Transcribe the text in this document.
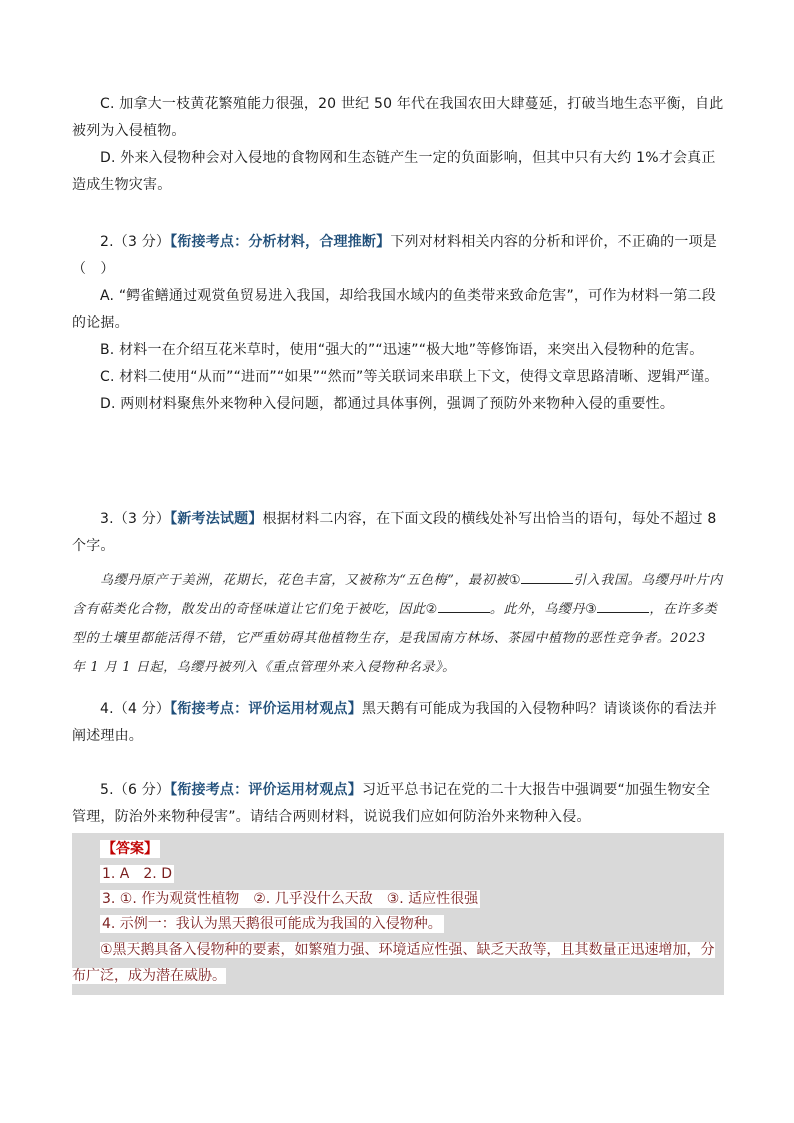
C. 加拿大一枝黄花繁殖能力很强，20 世纪 50 年代在我国农田大肆蔓延，打破当地生态平衡，自此被列为入侵植物。

D. 外来入侵物种会对入侵地的食物网和生态链产生一定的负面影响，但其中只有大约 1%才会真正造成生物灾害。

2.（3 分）【衔接考点：分析材料，合理推断】下列对材料相关内容的分析和评价，不正确的一项是（　）

A. “鳄雀鳝通过观赏鱼贸易进入我国，却给我国水域内的鱼类带来致命危害”，可作为材料一第二段的论据。

B. 材料一在介绍互花米草时，使用“强大的”“迅速”“极大地”等修饰语，来突出入侵物种的危害。

C. 材料二使用“从而”“进而”“如果”“然而”等关联词来串联上下文，使得文章思路清晰、逻辑严谨。

D. 两则材料聚焦外来物种入侵问题，都通过具体事例，强调了预防外来物种入侵的重要性。

3.（3 分）【新考法试题】根据材料二内容，在下面文段的横线处补写出恰当的语句，每处不超过 8 个字。

乌缨丹原产于美洲，花期长，花色丰富，又被称为“五色梅”，最初被①	引入我国。乌缨丹叶片内含有萜类化合物，散发出的奇怪味道让它们免于被吃，因此②	。此外，乌缨丹③	，在许多类型的土壤里都能活得不错，它严重妨碍其他植物生存，是我国南方林场、茶园中植物的恶性竞争者。2023 年 1 月 1 日起，乌缨丹被列入《重点管理外来入侵物种名录》。

4.（4 分）【衔接考点：评价运用材观点】黑天鹅有可能成为我国的入侵物种吗？请谈谈你的看法并阐述理由。

5.（6 分）【衔接考点：评价运用材观点】习近平总书记在党的二十大报告中强调要“加强生物安全管理，防治外来物种侵害”。请结合两则材料，说说我们应如何防治外来物种入侵。

【答案】

1. A　2. D

3. ①. 作为观赏性植物　②. 几乎没什么天敌　③. 适应性很强

4. 示例一：我认为黑天鹅很可能成为我国的入侵物种。

①黑天鹅具备入侵物种的要素，如繁殖力强、环境适应性强、缺乏天敌等，且其数量正迅速增加，分布广泛，成为潜在威胁。
